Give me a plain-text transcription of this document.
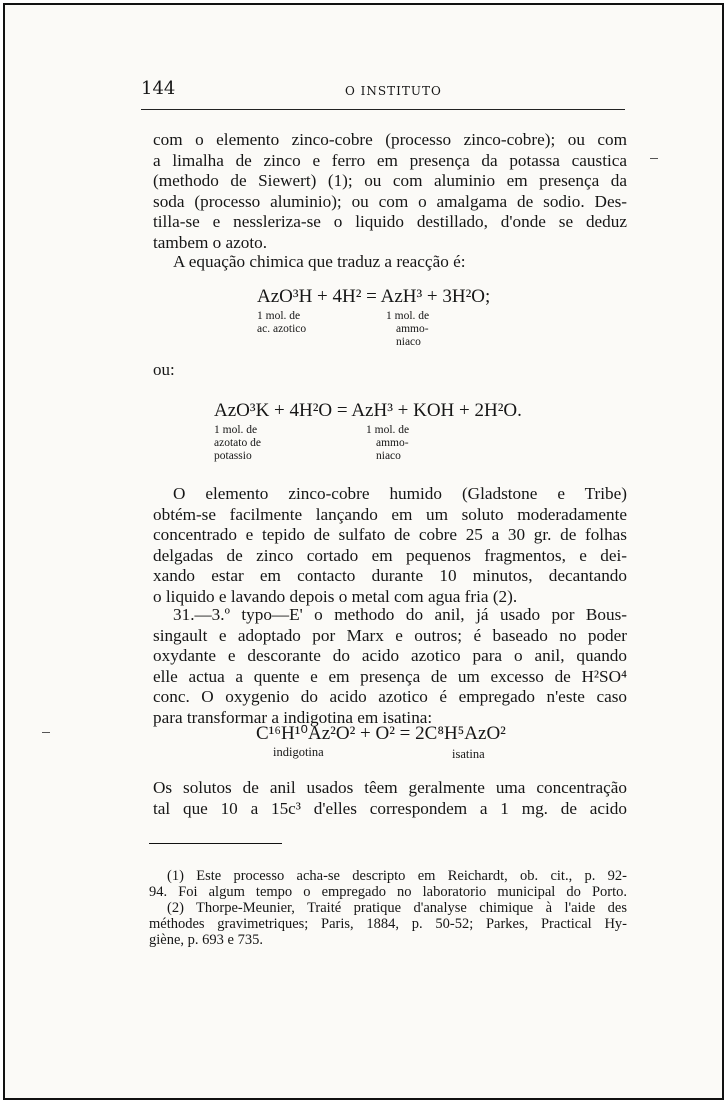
144	O INSTITUTO
com o elemento zinco-cobre (processo zinco-cobre); ou com
a limalha de zinco e ferro em presença da potassa caustica
(methodo de Siewert) (1); ou com aluminio em presença da
soda (processo aluminio); ou com o amalgama de sodio. Des-
tilla-se e nessleriza-se o liquido destillado, d'onde se deduz
tambem o azoto.
A equação chimica que traduz a reacção é:
AzO³H + 4H² = AzH³ + 3H²O;
1 mol. de
ac. azotico
1 mol. de
ammo-
niaco
ou:
AzO³K + 4H²O = AzH³ + KOH + 2H²O.
1 mol. de
azotato de
potassio
1 mol. de
ammo-
niaco
O elemento zinco-cobre humido (Gladstone e Tribe)
obtém-se facilmente lançando em um soluto moderadamente
concentrado e tepido de sulfato de cobre 25 a 30 gr. de folhas
delgadas de zinco cortado em pequenos fragmentos, e dei-
xando estar em contacto durante 10 minutos, decantando
o liquido e lavando depois o metal com agua fria (2).
31.—3.º typo—E' o methodo do anil, já usado por Bous-
singault e adoptado por Marx e outros; é baseado no poder
oxydante e descorante do acido azotico para o anil, quando
elle actua a quente e em presença de um excesso de H²SO⁴
conc. O oxygenio do acido azotico é empregado n'este caso
para transformar a indigotina em isatina:
C¹⁶H¹⁰Az²O² + O² = 2C⁸H⁵AzO²
indigotina	isatina
Os solutos de anil usados têem geralmente uma concentração
tal que 10 a 15c³ d'elles correspondem a 1 mg. de acido
(1) Este processo acha-se descripto em Reichardt, ob. cit., p. 92-
94. Foi algum tempo o empregado no laboratorio municipal do Porto.
(2) Thorpe-Meunier, Traité pratique d'analyse chimique à l'aide des
méthodes gravimetriques; Paris, 1884, p. 50-52; Parkes, Practical Hy-
giène, p. 693 e 735.
